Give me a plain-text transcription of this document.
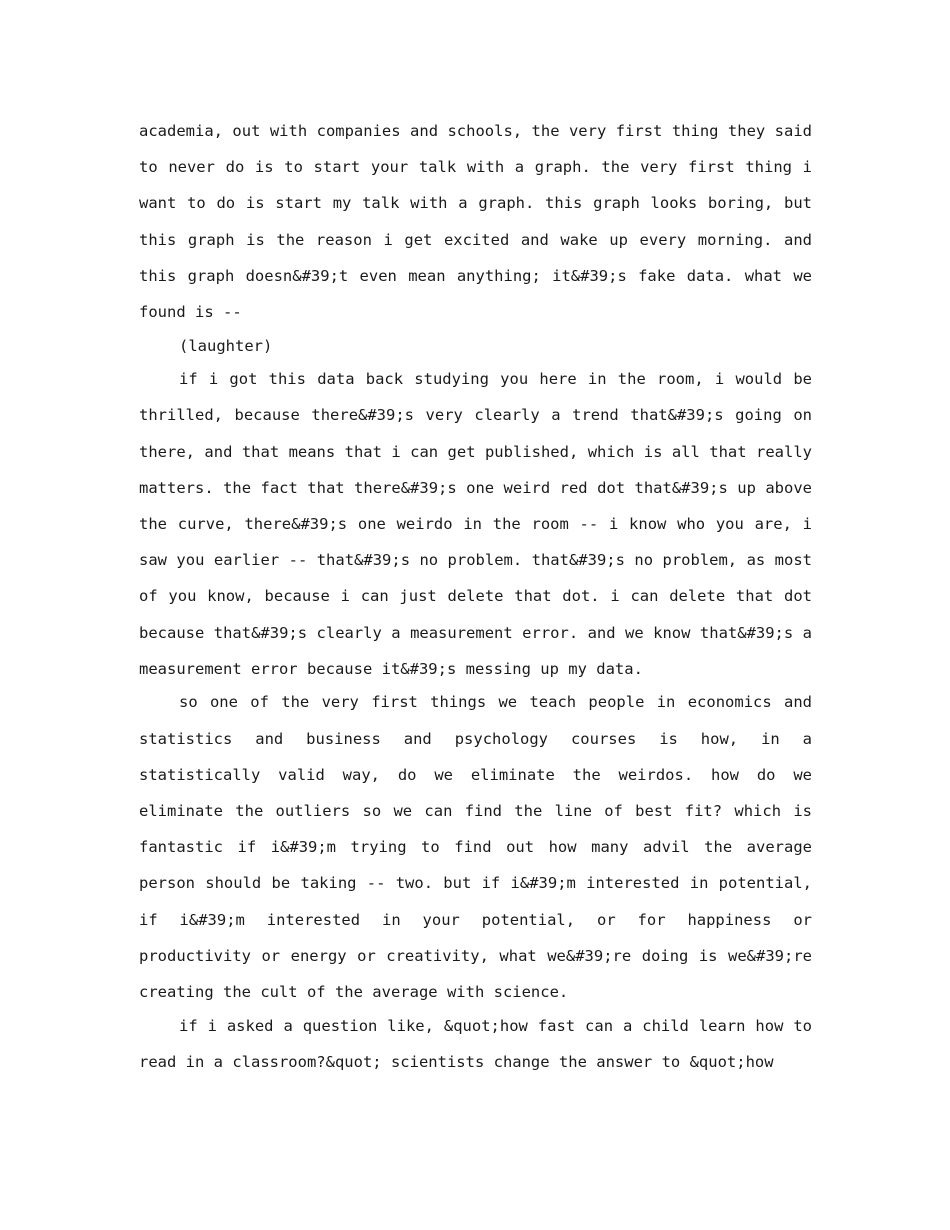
academia, out with companies and schools, the very first thing they said to never do is to start your talk with a graph. the very first thing i want to do is start my talk with a graph. this graph looks boring, but this graph is the reason i get excited and wake up every morning. and this graph doesn&#39;t even mean anything; it&#39;s fake data. what we found is --

(laughter)

if i got this data back studying you here in the room, i would be thrilled, because there&#39;s very clearly a trend that&#39;s going on there, and that means that i can get published, which is all that really matters. the fact that there&#39;s one weird red dot that&#39;s up above the curve, there&#39;s one weirdo in the room -- i know who you are, i saw you earlier -- that&#39;s no problem. that&#39;s no problem, as most of you know, because i can just delete that dot. i can delete that dot because that&#39;s clearly a measurement error. and we know that&#39;s a measurement error because it&#39;s messing up my data.

so one of the very first things we teach people in economics and statistics and business and psychology courses is how, in a statistically valid way, do we eliminate the weirdos. how do we eliminate the outliers so we can find the line of best fit? which is fantastic if i&#39;m trying to find out how many advil the average person should be taking -- two. but if i&#39;m interested in potential, if i&#39;m interested in your potential, or for happiness or productivity or energy or creativity, what we&#39;re doing is we&#39;re creating the cult of the average with science.

if i asked a question like, &quot;how fast can a child learn how to read in a classroom?&quot; scientists change the answer to &quot;how
